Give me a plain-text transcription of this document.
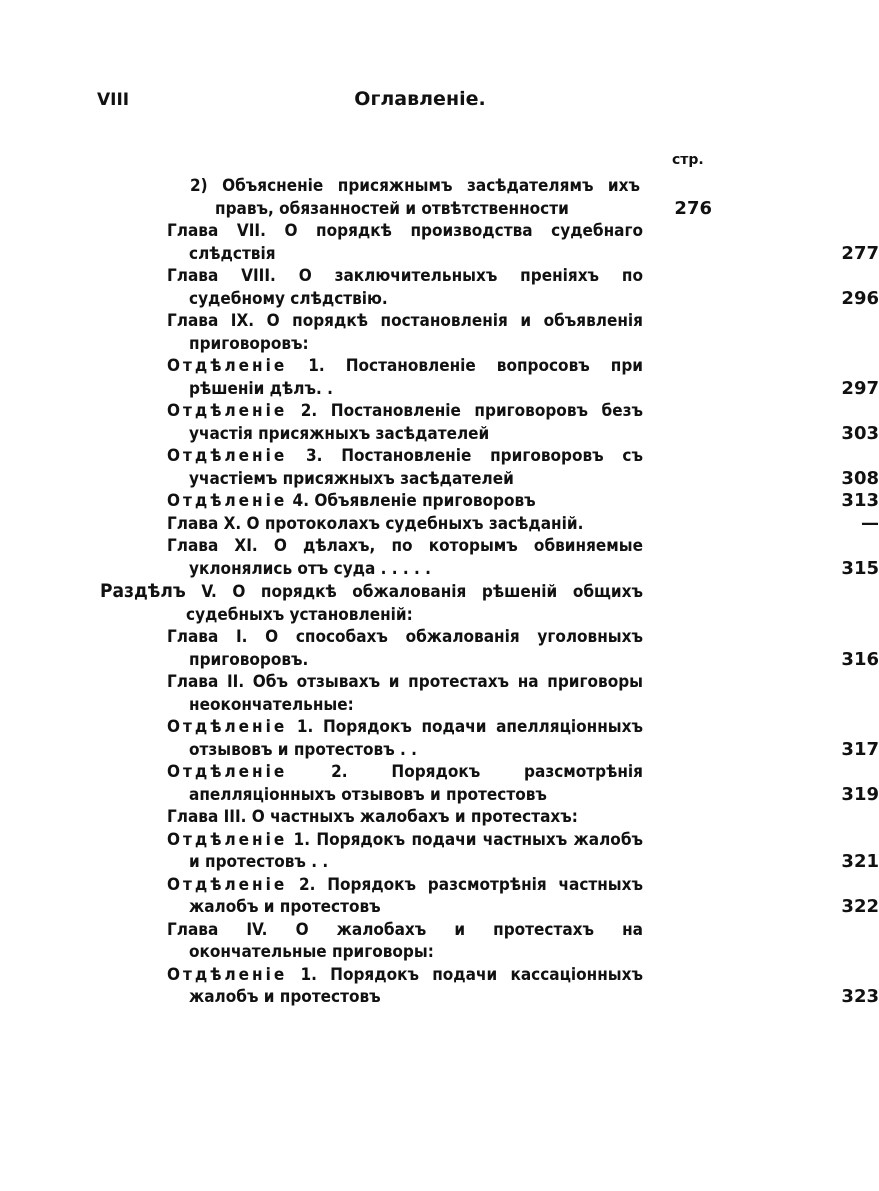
VIII	Оглавленіе.
стр.
2) Объясненіе присяжнымъ засѣдателямъ ихъ правъ, обязанностей и отвѣтственности	276
Глава VII. О порядкѣ производства судебнаго слѣдствія	277
Глава VIII. О заключительныхъ преніяхъ по судебному слѣдствію.	296
Глава IX. О порядкѣ постановленія и объявленія приговоровъ:
Отдѣленіе 1. Постановленіе вопросовъ при рѣшеніи дѣлъ. .	297
Отдѣленіе 2. Постановленіе приговоровъ безъ участія присяжныхъ засѣдателей	303
Отдѣленіе 3. Постановленіе приговоровъ съ участіемъ присяжныхъ засѣдателей	308
Отдѣленіе 4. Объявленіе приговоровъ	313
Глава X. О протоколахъ судебныхъ засѣданій.	—
Глава XI. О дѣлахъ, по которымъ обвиняемые уклонялись отъ суда . . . . .	315
Раздѣлъ V. О порядкѣ обжалованія рѣшеній общихъ судебныхъ установленій:
Глава I. О способахъ обжалованія уголовныхъ приговоровъ.	316
Глава II. Объ отзывахъ и протестахъ на приговоры неокончательные:
Отдѣленіе 1. Порядокъ подачи апелляціонныхъ отзывовъ и протестовъ . .	317
Отдѣленіе 2. Порядокъ разсмотрѣнія апелляціонныхъ отзывовъ и протестовъ	319
Глава III. О частныхъ жалобахъ и протестахъ:
Отдѣленіе 1. Порядокъ подачи частныхъ жалобъ и протестовъ . .	321
Отдѣленіе 2. Порядокъ разсмотрѣнія частныхъ жалобъ и протестовъ	322
Глава IV. О жалобахъ и протестахъ на окончательные приговоры:
Отдѣленіе 1. Порядокъ подачи кассаціонныхъ жалобъ и протестовъ	323
